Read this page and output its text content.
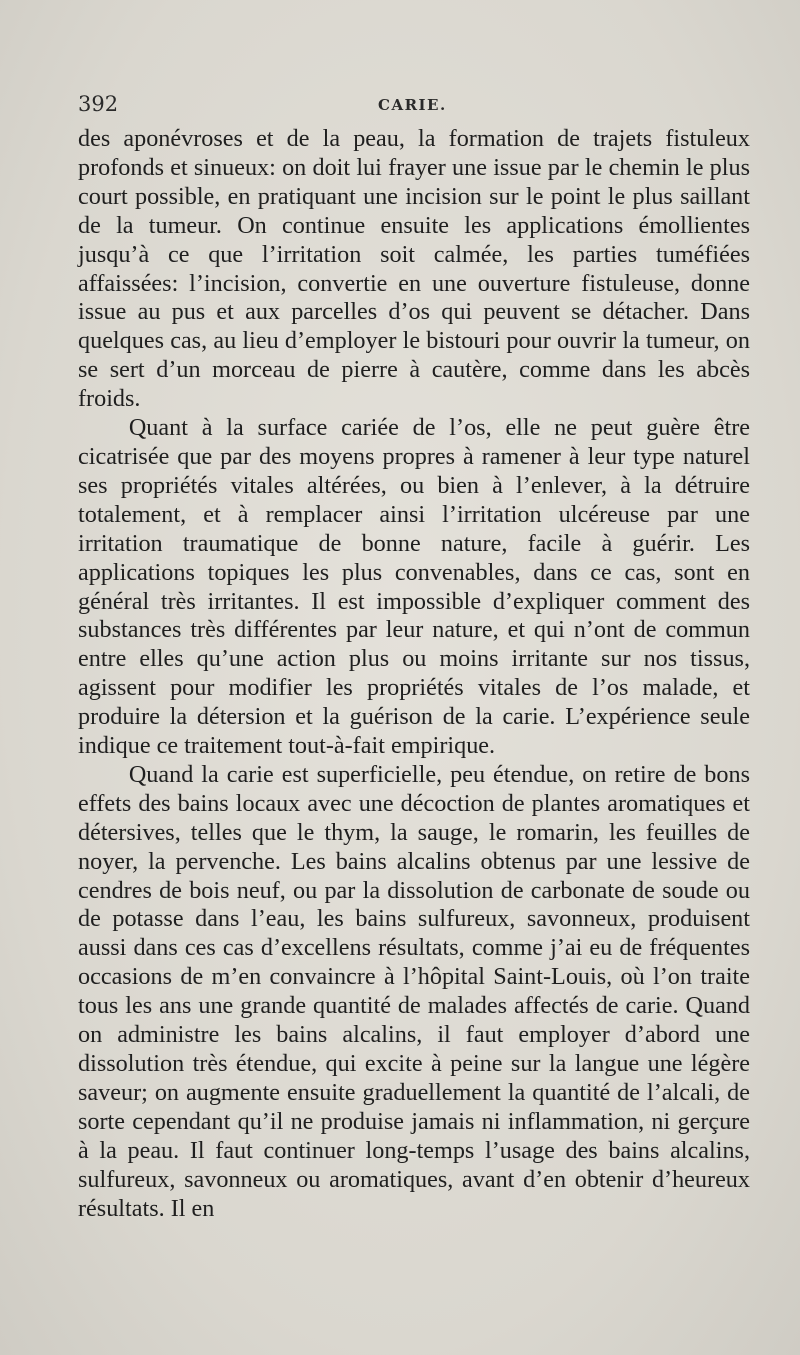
392	CARIE.

des aponévroses et de la peau, la formation de trajets fistuleux profonds et sinueux: on doit lui frayer une issue par le chemin le plus court possible, en pratiquant une incision sur le point le plus saillant de la tumeur. On continue ensuite les applications émollientes jusqu’à ce que l’irritation soit calmée, les parties tuméfiées affaissées: l’incision, convertie en une ouverture fistuleuse, donne issue au pus et aux parcelles d’os qui peuvent se détacher. Dans quelques cas, au lieu d’employer le bistouri pour ouvrir la tumeur, on se sert d’un morceau de pierre à cautère, comme dans les abcès froids.

Quant à la surface cariée de l’os, elle ne peut guère être cicatrisée que par des moyens propres à ramener à leur type naturel ses propriétés vitales altérées, ou bien à l’enlever, à la détruire totalement, et à remplacer ainsi l’irritation ulcéreuse par une irritation traumatique de bonne nature, facile à guérir. Les applications topiques les plus convenables, dans ce cas, sont en général très irritantes. Il est impossible d’expliquer comment des substances très différentes par leur nature, et qui n’ont de commun entre elles qu’une action plus ou moins irritante sur nos tissus, agissent pour modifier les propriétés vitales de l’os malade, et produire la détersion et la guérison de la carie. L’expérience seule indique ce traitement tout-à-fait empirique.

Quand la carie est superficielle, peu étendue, on retire de bons effets des bains locaux avec une décoction de plantes aromatiques et détersives, telles que le thym, la sauge, le romarin, les feuilles de noyer, la pervenche. Les bains alcalins obtenus par une lessive de cendres de bois neuf, ou par la dissolution de carbonate de soude ou de potasse dans l’eau, les bains sulfureux, savonneux, produisent aussi dans ces cas d’excellens résultats, comme j’ai eu de fréquentes occasions de m’en convaincre à l’hôpital Saint-Louis, où l’on traite tous les ans une grande quantité de malades affectés de carie. Quand on administre les bains alcalins, il faut employer d’abord une dissolution très étendue, qui excite à peine sur la langue une légère saveur; on augmente ensuite graduellement la quantité de l’alcali, de sorte cependant qu’il ne produise jamais ni inflammation, ni gerçure à la peau. Il faut continuer long-temps l’usage des bains alcalins, sulfureux, savonneux ou aromatiques, avant d’en obtenir d’heureux résultats. Il en
